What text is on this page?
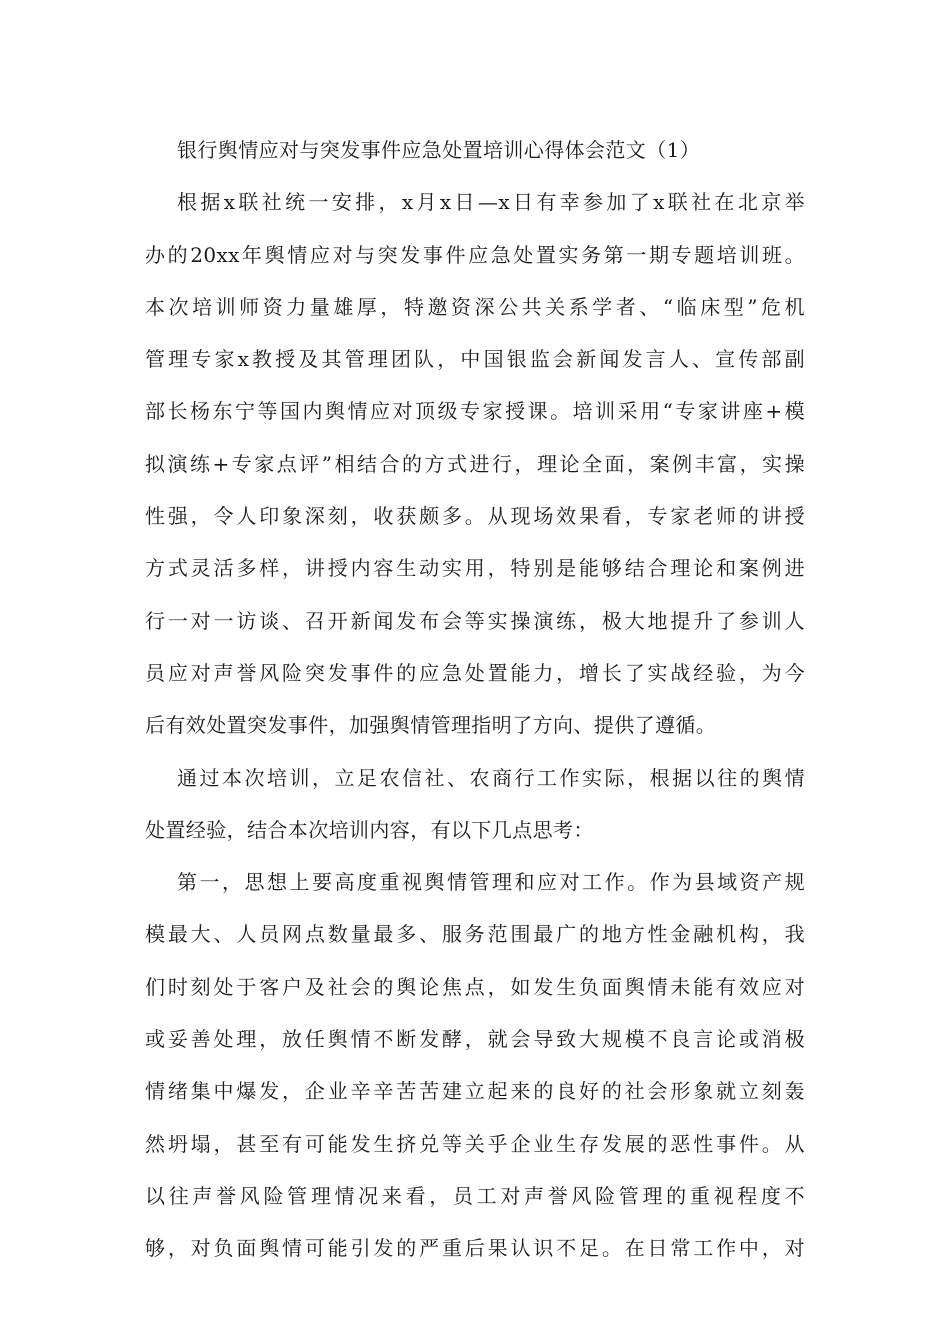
银行舆情应对与突发事件应急处置培训心得体会范文（1）
根据x联社统一安排，x月x日—x日有幸参加了x联社在北京举
办的20xx年舆情应对与突发事件应急处置实务第一期专题培训班。
本次培训师资力量雄厚，特邀资深公共关系学者、“临床型”危机
管理专家x教授及其管理团队，中国银监会新闻发言人、宣传部副
部长杨东宁等国内舆情应对顶级专家授课。培训采用“专家讲座+模
拟演练+专家点评”相结合的方式进行，理论全面，案例丰富，实操
性强，令人印象深刻，收获颇多。从现场效果看，专家老师的讲授
方式灵活多样，讲授内容生动实用，特别是能够结合理论和案例进
行一对一访谈、召开新闻发布会等实操演练，极大地提升了参训人
员应对声誉风险突发事件的应急处置能力，增长了实战经验，为今
后有效处置突发事件，加强舆情管理指明了方向、提供了遵循。
通过本次培训，立足农信社、农商行工作实际，根据以往的舆情
处置经验，结合本次培训内容，有以下几点思考：
第一，思想上要高度重视舆情管理和应对工作。作为县域资产规
模最大、人员网点数量最多、服务范围最广的地方性金融机构，我
们时刻处于客户及社会的舆论焦点，如发生负面舆情未能有效应对
或妥善处理，放任舆情不断发酵，就会导致大规模不良言论或消极
情绪集中爆发，企业辛辛苦苦建立起来的良好的社会形象就立刻轰
然坍塌，甚至有可能发生挤兑等关乎企业生存发展的恶性事件。从
以往声誉风险管理情况来看，员工对声誉风险管理的重视程度不
够，对负面舆情可能引发的严重后果认识不足。在日常工作中，对
